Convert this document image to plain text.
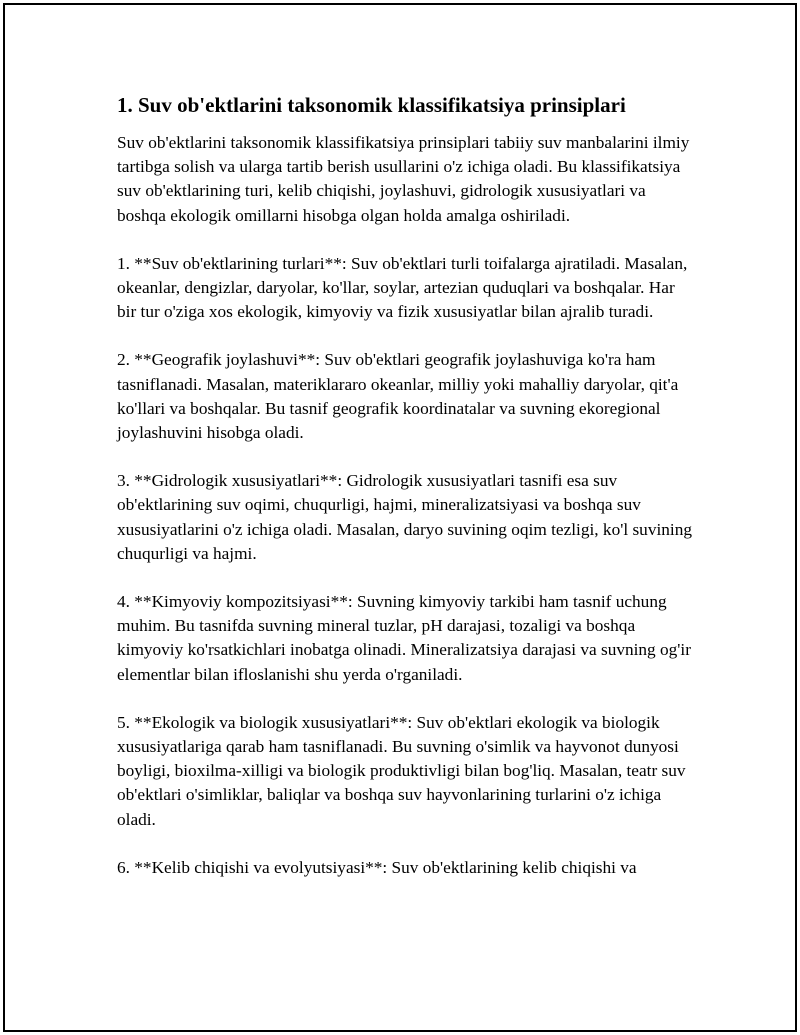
1. Suv ob'ektlarini taksonomik klassifikatsiya prinsiplari

Suv ob'ektlarini taksonomik klassifikatsiya prinsiplari tabiiy suv manbalarini ilmiy tartibga solish va ularga tartib berish usullarini o'z ichiga oladi. Bu klassifikatsiya suv ob'ektlarining turi, kelib chiqishi, joylashuvi, gidrologik xususiyatlari va boshqa ekologik omillarni hisobga olgan holda amalga oshiriladi.

1. **Suv ob'ektlarining turlari**: Suv ob'ektlari turli toifalarga ajratiladi. Masalan, okeanlar, dengizlar, daryolar, ko'llar, soylar, artezian quduqlari va boshqalar. Har bir tur o'ziga xos ekologik, kimyoviy va fizik xususiyatlar bilan ajralib turadi.

2. **Geografik joylashuvi**: Suv ob'ektlari geografik joylashuviga ko'ra ham tasniflanadi. Masalan, materiklararo okeanlar, milliy yoki mahalliy daryolar, qit'a ko'llari va boshqalar. Bu tasnif geografik koordinatalar va suvning ekoregional joylashuvini hisobga oladi.

3. **Gidrologik xususiyatlari**: Gidrologik xususiyatlari tasnifi esa suv ob'ektlarining suv oqimi, chuqurligi, hajmi, mineralizatsiyasi va boshqa suv xususiyatlarini o'z ichiga oladi. Masalan, daryo suvining oqim tezligi, ko'l suvining chuqurligi va hajmi.

4. **Kimyoviy kompozitsiyasi**: Suvning kimyoviy tarkibi ham tasnif uchung muhim. Bu tasnifda suvning mineral tuzlar, pH darajasi, tozaligi va boshqa kimyoviy ko'rsatkichlari inobatga olinadi. Mineralizatsiya darajasi va suvning og'ir elementlar bilan ifloslanishi shu yerda o'rganiladi.

5. **Ekologik va biologik xususiyatlari**: Suv ob'ektlari ekologik va biologik xususiyatlariga qarab ham tasniflanadi. Bu suvning o'simlik va hayvonot dunyosi boyligi, bioxilma-xilligi va biologik produktivligi bilan bog'liq. Masalan, teatr suv ob'ektlari o'simliklar, baliqlar va boshqa suv hayvonlarining turlarini o'z ichiga oladi.

6. **Kelib chiqishi va evolyutsiyasi**: Suv ob'ektlarining kelib chiqishi va
